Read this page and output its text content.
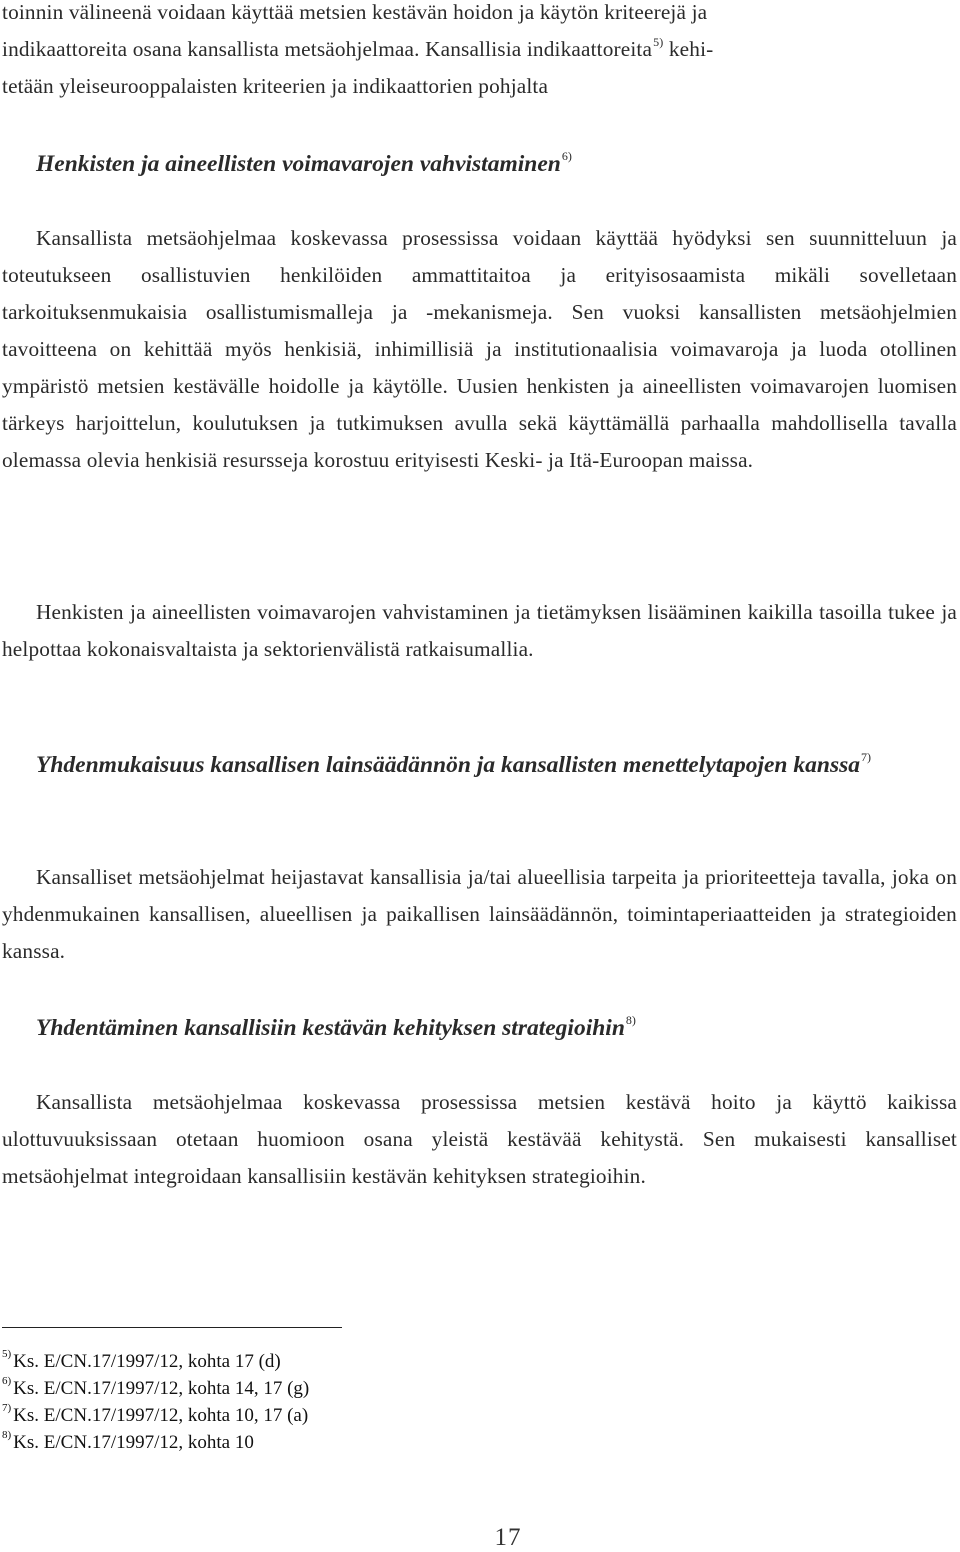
toinnin välineenä voidaan käyttää metsien kestävän hoidon ja käytön kriteerejä ja
indikaattoreita osana kansallista metsäohjelmaa. Kansallisia indikaattoreita$^{5)}$ kehi-
tetään yleiseurooppalaisten kriteerien ja indikaattorien pohjalta

Henkisten ja aineellisten voimavarojen vahvistaminen$^{6)}$

Kansallista metsäohjelmaa koskevassa prosessissa voidaan käyttää hyödyksi sen suunnitteluun ja toteutukseen osallistuvien henkilöiden ammattitaitoa ja erityisosaamista mikäli sovelletaan tarkoituksenmukaisia osallistumismalleja ja -mekanismeja. Sen vuoksi kansallisten metsäohjelmien tavoitteena on kehittää myös henkisiä, inhimillisiä ja institutionaalisia voimavaroja ja luoda otollinen ympäristö metsien kestävälle hoidolle ja käytölle. Uusien henkisten ja aineellisten voimavarojen luomisen tärkeys harjoittelun, koulutuksen ja tutkimuksen avulla sekä käyttämällä parhaalla mahdollisella tavalla olemassa olevia henkisiä resursseja korostuu erityisesti Keski- ja Itä-Euroopan maissa.

Henkisten ja aineellisten voimavarojen vahvistaminen ja tietämyksen lisääminen kaikilla tasoilla tukee ja helpottaa kokonaisvaltaista ja sektorienvälistä ratkaisumallia.

Yhdenmukaisuus kansallisen lainsäädännön ja kansallisten menettelytapojen kanssa$^{7)}$

Kansalliset metsäohjelmat heijastavat kansallisia ja/tai alueellisia tarpeita ja prioriteetteja tavalla, joka on yhdenmukainen kansallisen, alueellisen ja paikallisen lainsäädännön, toimintaperiaatteiden ja strategioiden kanssa.

Yhdentäminen kansallisiin kestävän kehityksen strategioihin$^{8)}$

Kansallista metsäohjelmaa koskevassa prosessissa metsien kestävä hoito ja käyttö kaikissa ulottuvuuksissaan otetaan huomioon osana yleistä kestävää kehitystä. Sen mukaisesti kansalliset metsäohjelmat integroidaan kansallisiin kestävän kehityksen strategioihin.

$^{5)}$ Ks. E/CN.17/1997/12, kohta 17 (d)
$^{6)}$ Ks. E/CN.17/1997/12, kohta 14, 17 (g)
$^{7)}$ Ks. E/CN.17/1997/12, kohta 10, 17 (a)
$^{8)}$ Ks. E/CN.17/1997/12, kohta 10
17
